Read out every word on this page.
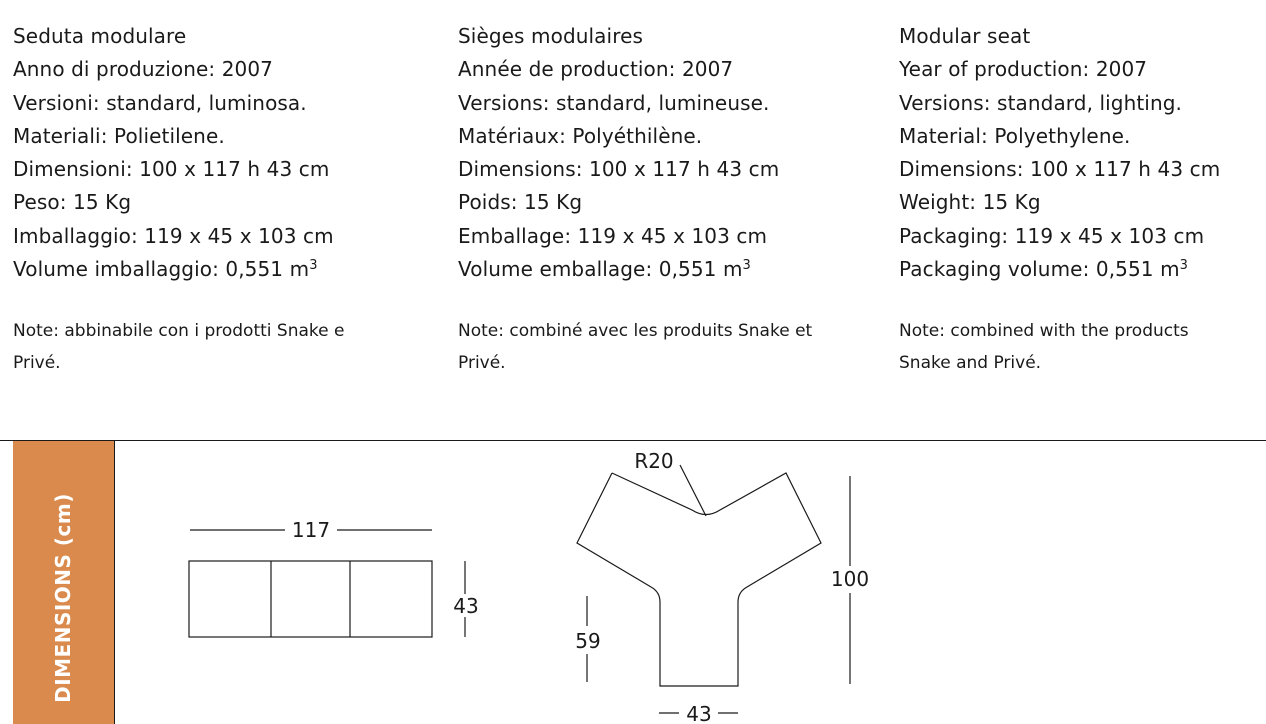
Seduta modulare
Anno di produzione: 2007
Versioni: standard, luminosa.
Materiali: Polietilene.
Dimensioni: 100 x 117 h 43 cm
Peso: 15 Kg
Imballaggio: 119 x 45 x 103 cm
Volume imballaggio: 0,551 $m^3$
Note: abbinabile con i prodotti Snake e
Privé.
Sièges modulaires
Année de production: 2007
Versions: standard, lumineuse.
Matériaux: Polyéthilène.
Dimensions: 100 x 117 h 43 cm
Poids: 15 Kg
Emballage: 119 x 45 x 103 cm
Volume emballage: 0,551 $m^3$
Note: combiné avec les produits Snake et
Privé.
Modular seat
Year of production: 2007
Versions: standard, lighting.
Material: Polyethylene.
Dimensions: 100 x 117 h 43 cm
Weight: 15 Kg
Packaging: 119 x 45 x 103 cm
Packaging volume: 0,551 $m^3$
Note: combined with the products
Snake and Privé.
DIMENSIONS (cm)	117
43
R20
100
59
43
